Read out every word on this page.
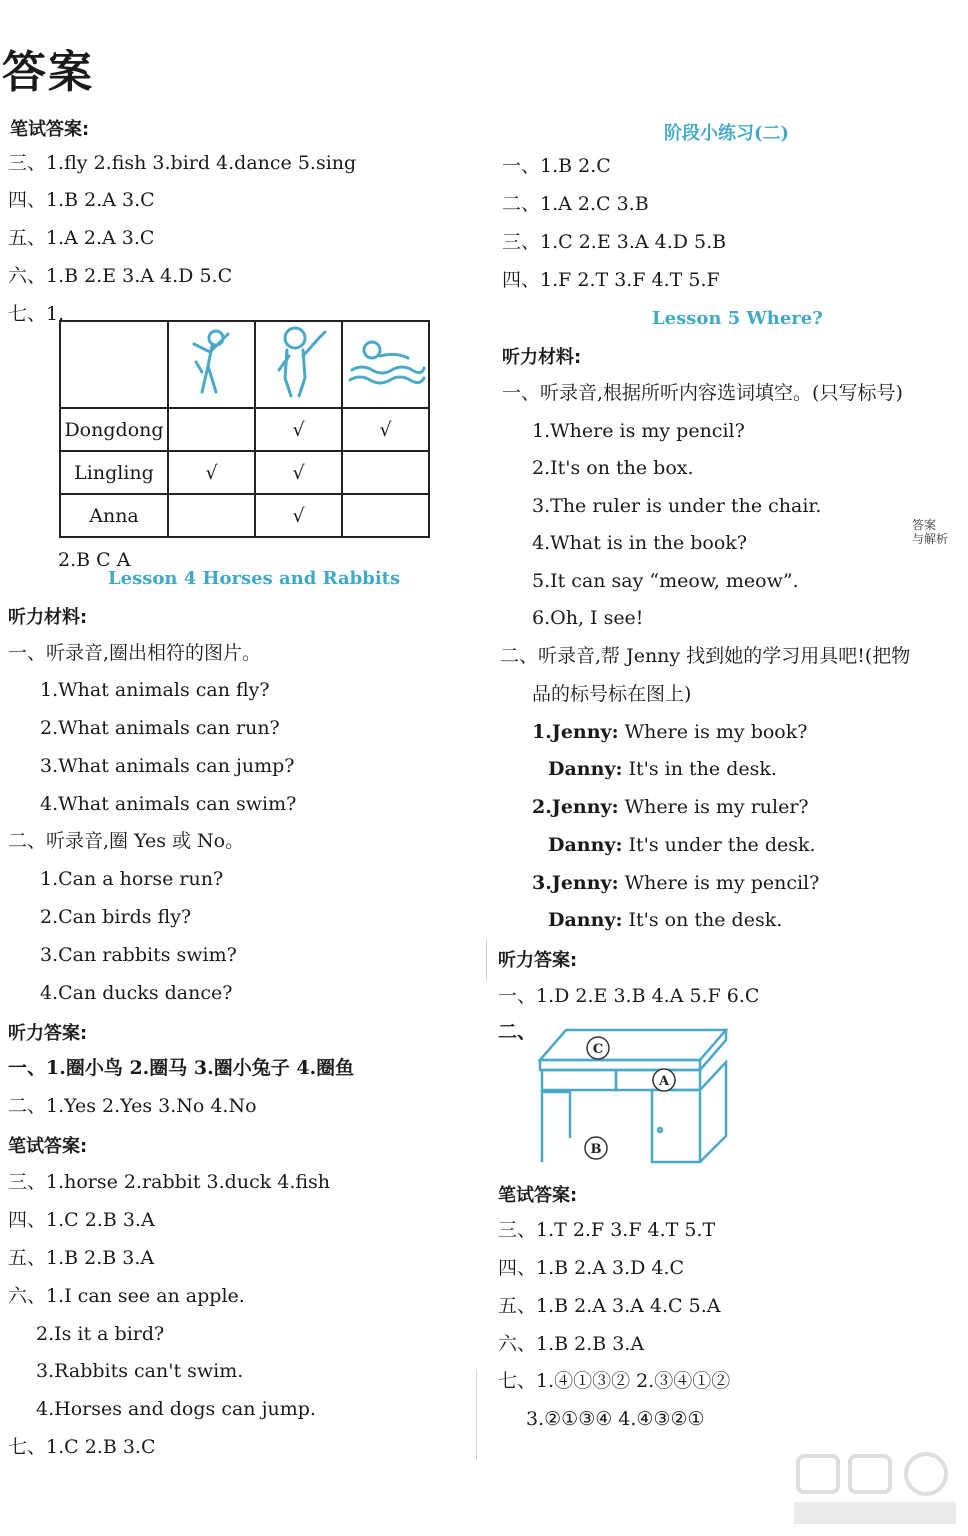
答案
笔试答案:
三、1.fly 2.fish 3.bird 4.dance 5.sing
四、1.B 2.A 3.C
五、1.A 2.A 3.C
六、1.B 2.E 3.A 4.D 5.C
七、1.

Dongdong		√	√
Lingling	√	√	
Anna		√	
2.B C A
Lesson 4 Horses and Rabbits
听力材料:
一、听录音,圈出相符的图片。
1.What animals can fly?
2.What animals can run?
3.What animals can jump?
4.What animals can swim?
二、听录音,圈 Yes 或 No。
1.Can a horse run?
2.Can birds fly?
3.Can rabbits swim?
4.Can ducks dance?
听力答案:
一、1.圈小鸟 2.圈马 3.圈小兔子 4.圈鱼
二、1.Yes 2.Yes 3.No 4.No
笔试答案:
三、1.horse 2.rabbit 3.duck 4.fish
四、1.C 2.B 3.A
五、1.B 2.B 3.A
六、1.I can see an apple.
2.Is it a bird?
3.Rabbits can't swim.
4.Horses and dogs can jump.
七、1.C 2.B 3.C
阶段小练习(二)
一、1.B 2.C
二、1.A 2.C 3.B
三、1.C 2.E 3.A 4.D 5.B
四、1.F 2.T 3.F 4.T 5.F
Lesson 5 Where?
听力材料:
一、听录音,根据所听内容选词填空。(只写标号)
1.Where is my pencil?
2.It's on the box.
3.The ruler is under the chair.
4.What is in the book?
5.It can say “meow, meow”.
6.Oh, I see!
二、听录音,帮 Jenny 找到她的学习用具吧!(把物
品的标号标在图上)
1.Jenny: Where is my book?
Danny: It's in the desk.
2.Jenny: Where is my ruler?
Danny: It's under the desk.
3.Jenny: Where is my pencil?
Danny: It's on the desk.
听力答案:
一、1.D 2.E 3.B 4.A 5.F 6.C
二、
C
A
B
笔试答案:
三、1.T 2.F 3.F 4.T 5.T
四、1.B 2.A 3.D 4.C
五、1.B 2.A 3.A 4.C 5.A
六、1.B 2.B 3.A
七、1.④①③② 2.③④①②
3.②①③④ 4.④③②①
答案
与解析
